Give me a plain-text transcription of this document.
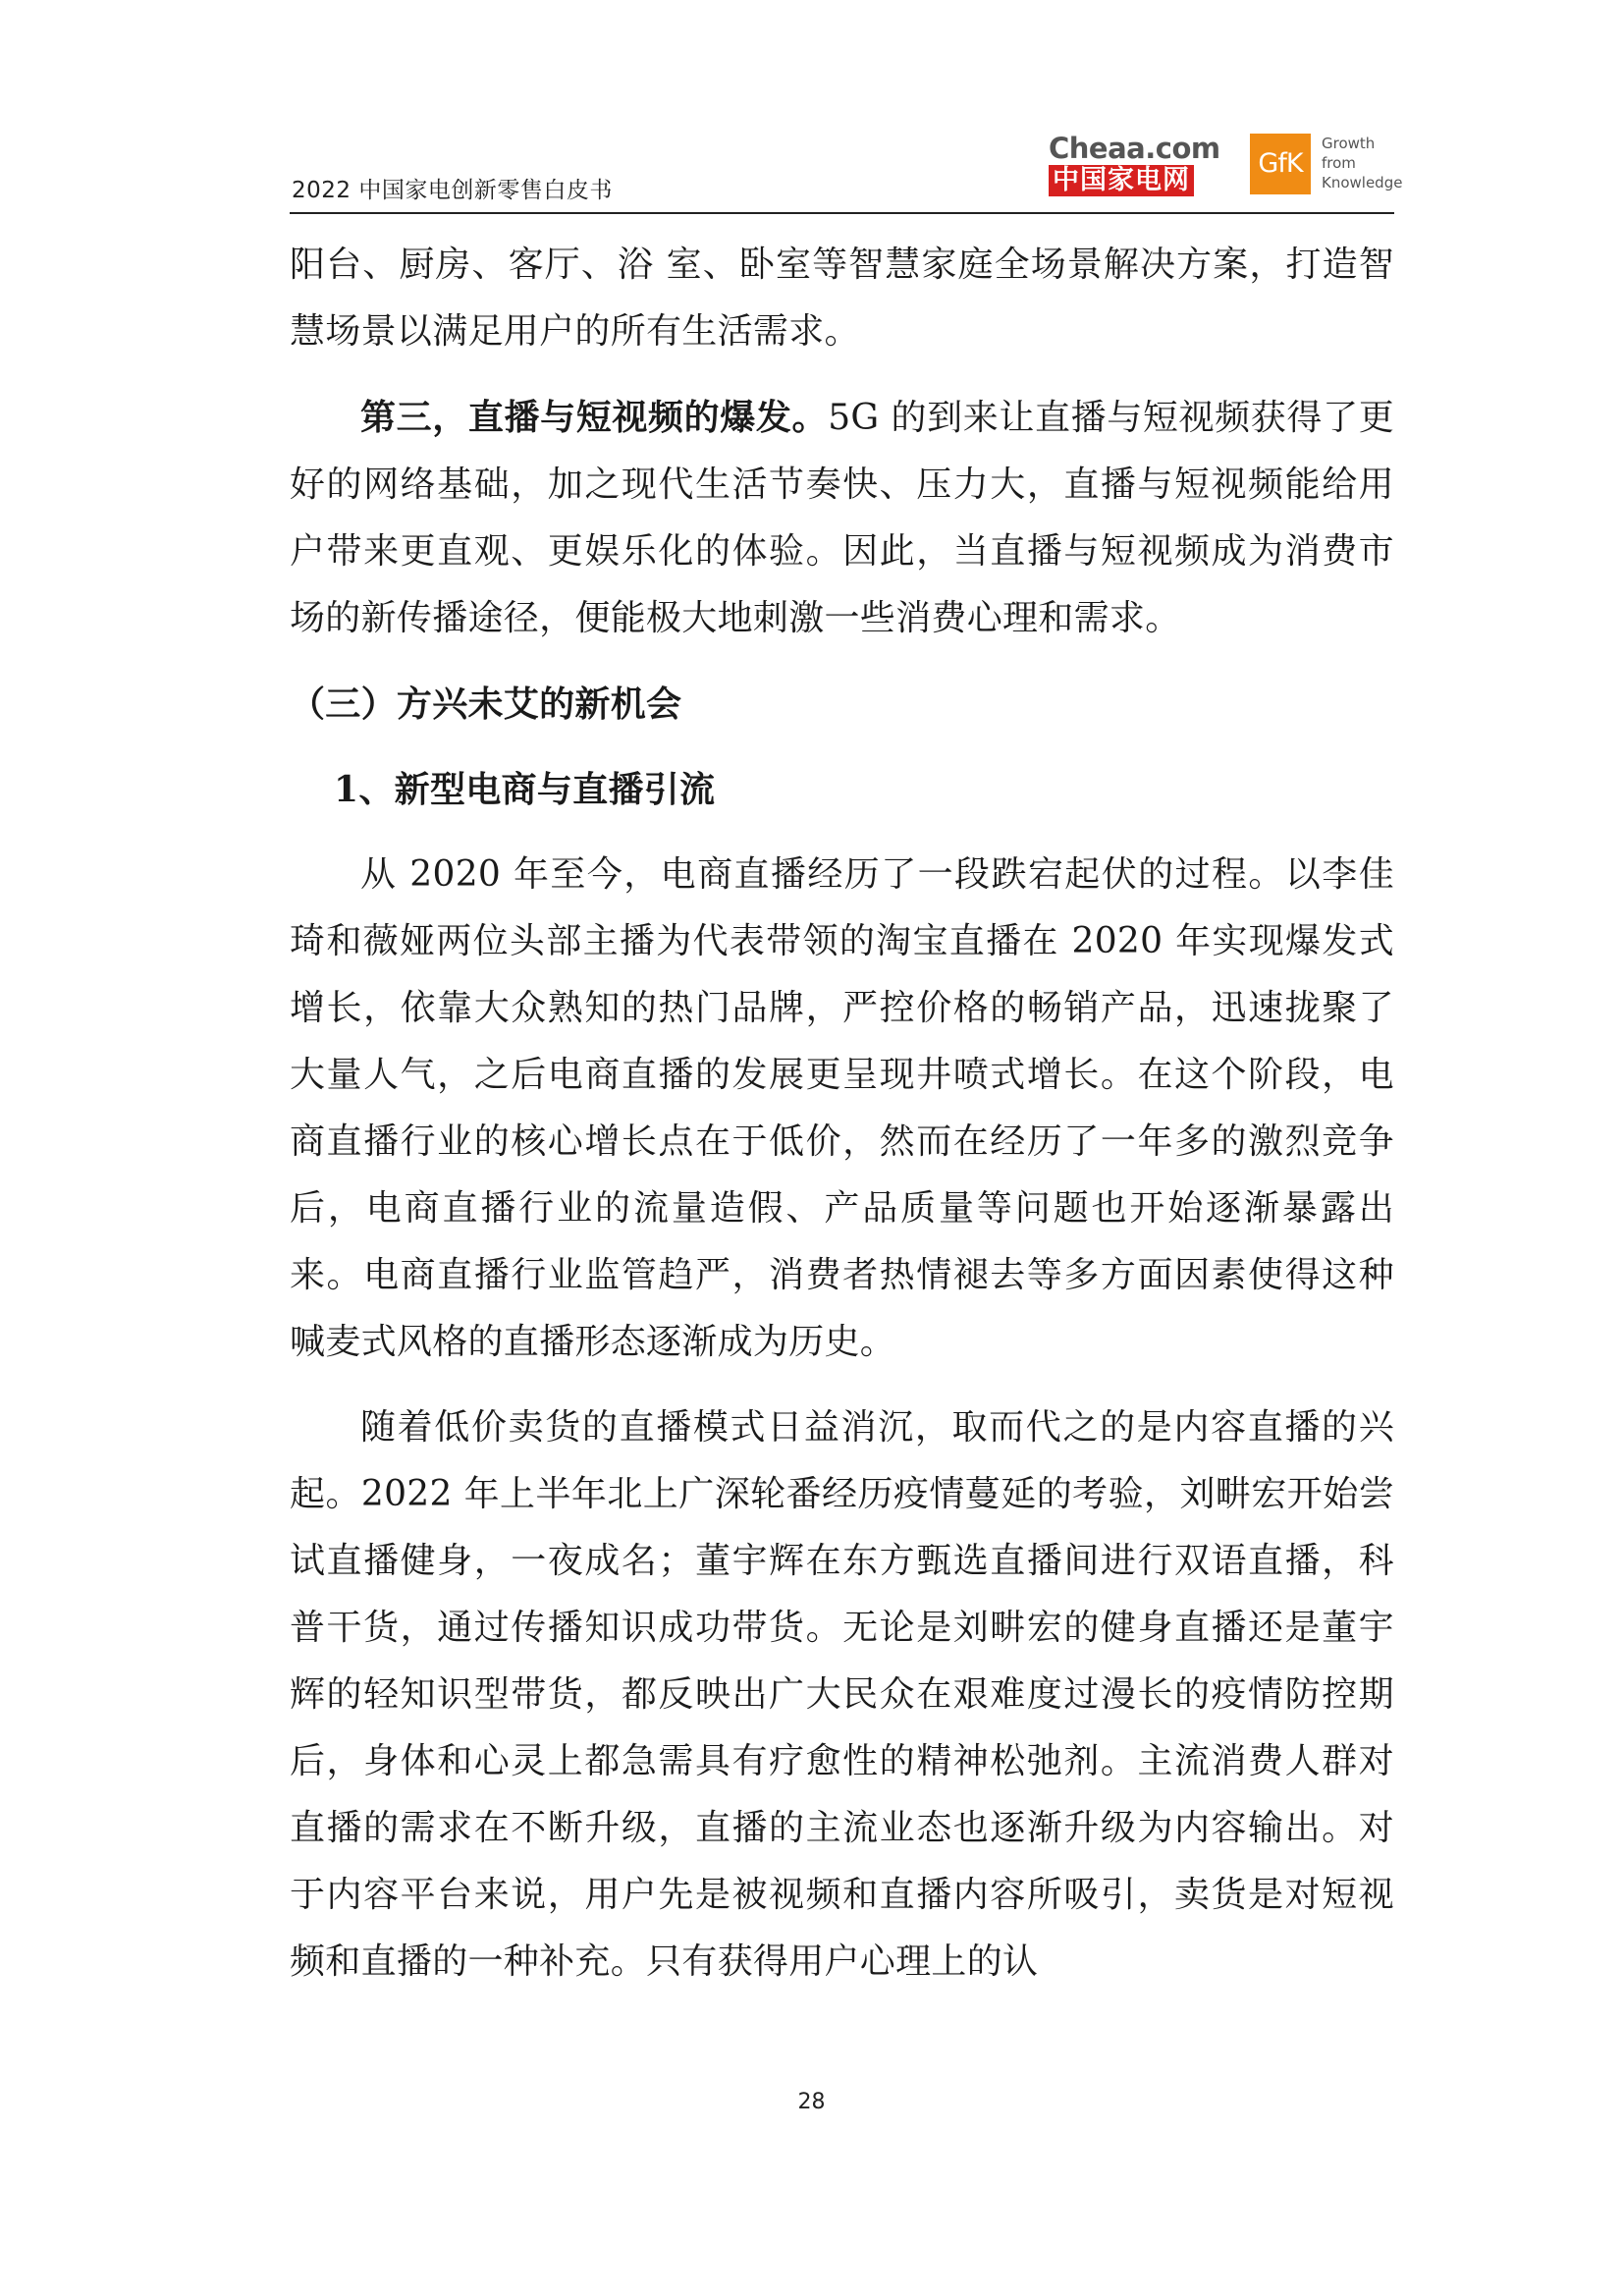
2022 中国家电创新零售白皮书
Cheaa.com
中国家电网
GfK
Growth
from
Knowledge

阳台、厨房、客厅、浴 室、卧室等智慧家庭全场景解决方案，打造智慧场景以满足用户的所有生活需求。

第三，直播与短视频的爆发。5G 的到来让直播与短视频获得了更好的网络基础，加之现代生活节奏快、压力大，直播与短视频能给用户带来更直观、更娱乐化的体验。因此，当直播与短视频成为消费市场的新传播途径，便能极大地刺激一些消费心理和需求。

（三）方兴未艾的新机会

1、新型电商与直播引流

从 2020 年至今，电商直播经历了一段跌宕起伏的过程。以李佳琦和薇娅两位头部主播为代表带领的淘宝直播在 2020 年实现爆发式增长，依靠大众熟知的热门品牌，严控价格的畅销产品，迅速拢聚了大量人气，之后电商直播的发展更呈现井喷式增长。在这个阶段，电商直播行业的核心增长点在于低价，然而在经历了一年多的激烈竞争后，电商直播行业的流量造假、产品质量等问题也开始逐渐暴露出来。电商直播行业监管趋严，消费者热情褪去等多方面因素使得这种喊麦式风格的直播形态逐渐成为历史。

随着低价卖货的直播模式日益消沉，取而代之的是内容直播的兴起。2022 年上半年北上广深轮番经历疫情蔓延的考验，刘畊宏开始尝试直播健身，一夜成名；董宇辉在东方甄选直播间进行双语直播，科普干货，通过传播知识成功带货。无论是刘畊宏的健身直播还是董宇辉的轻知识型带货，都反映出广大民众在艰难度过漫长的疫情防控期后，身体和心灵上都急需具有疗愈性的精神松弛剂。主流消费人群对直播的需求在不断升级，直播的主流业态也逐渐升级为内容输出。对于内容平台来说，用户先是被视频和直播内容所吸引，卖货是对短视频和直播的一种补充。只有获得用户心理上的认

28
